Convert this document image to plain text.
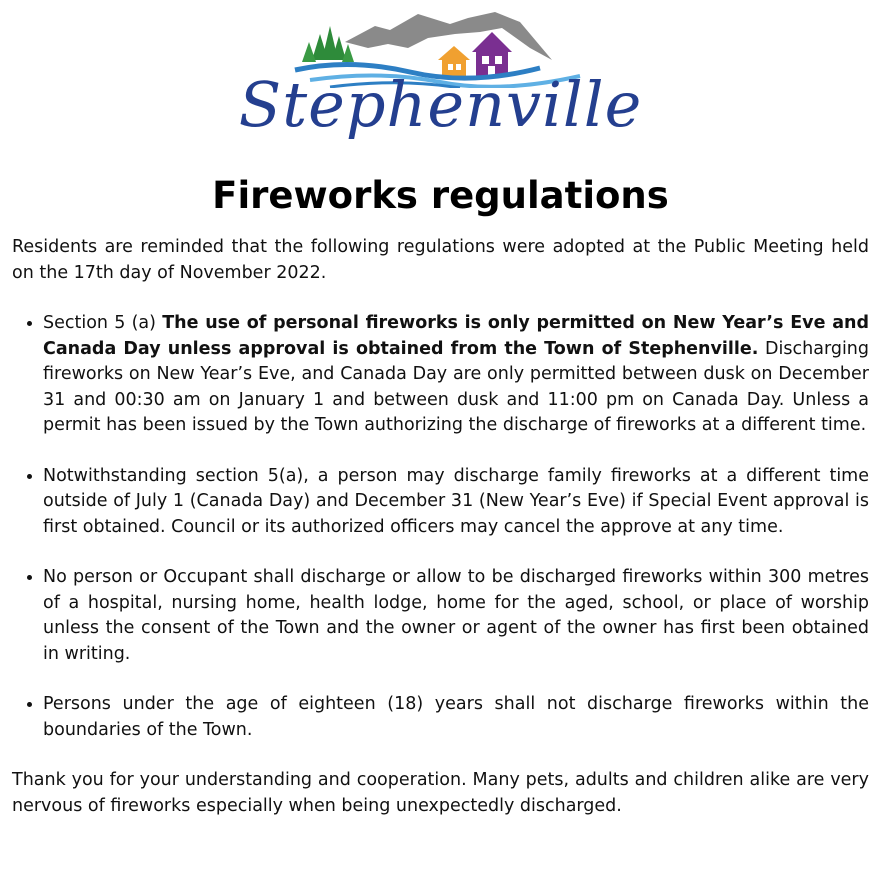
Stephenville
Fireworks regulations

Residents are reminded that the following regulations were adopted at the Public Meeting held on the 17th day of November 2022.

• Section 5 (a) The use of personal fireworks is only permitted on New Year’s Eve and Canada Day unless approval is obtained from the Town of Stephenville. Discharging fireworks on New Year’s Eve, and Canada Day are only permitted between dusk on December 31 and 00:30 am on January 1 and between dusk and 11:00 pm on Canada Day. Unless a permit has been issued by the Town authorizing the discharge of fireworks at a different time.
• Notwithstanding section 5(a), a person may discharge family fireworks at a different time outside of July 1 (Canada Day) and December 31 (New Year’s Eve) if Special Event approval is first obtained. Council or its authorized officers may cancel the approve at any time.
• No person or Occupant shall discharge or allow to be discharged fireworks within 300 metres of a hospital, nursing home, health lodge, home for the aged, school, or place of worship unless the consent of the Town and the owner or agent of the owner has first been obtained in writing.
• Persons under the age of eighteen (18) years shall not discharge fireworks within the boundaries of the Town.

Thank you for your understanding and cooperation. Many pets, adults and children alike are very nervous of fireworks especially when being unexpectedly discharged.
